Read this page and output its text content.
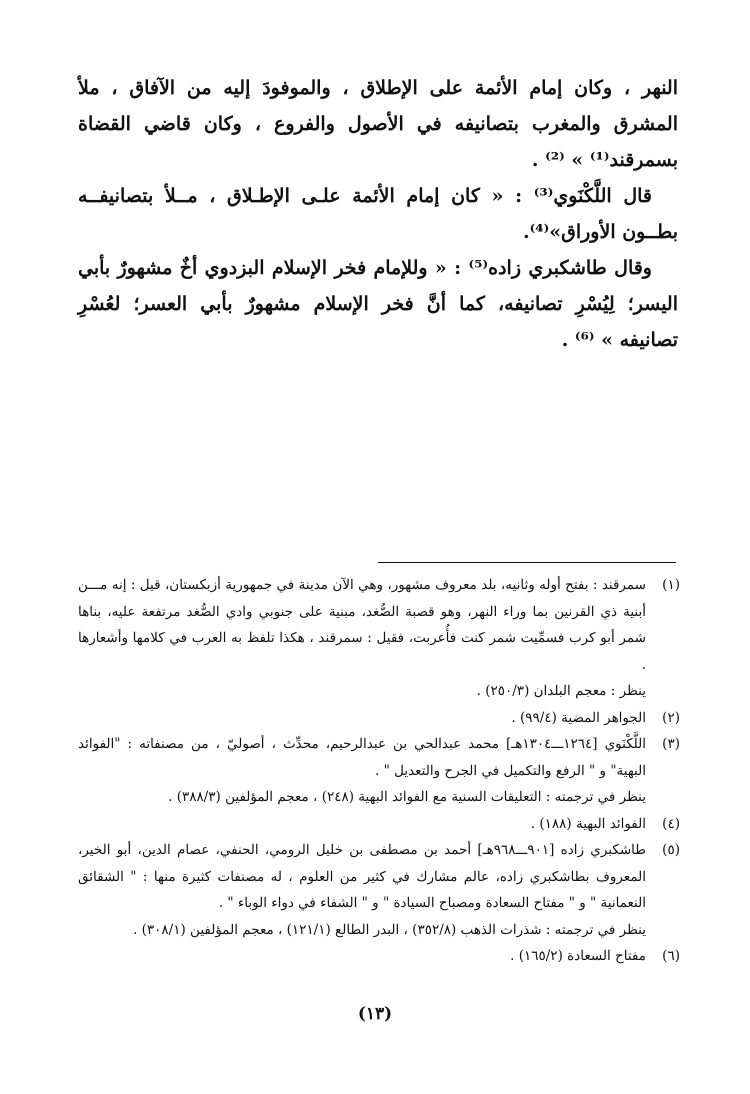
النهر ، وكان إمام الأئمة على الإطلاق ، والموفودَ إليه من الآفاق ، ملأ المشرق والمغرب بتصانيفه في الأصول والفروع ، وكان قاضي القضاة بسمرقند⁽¹⁾ » ⁽²⁾ .

قال اللَّكْنَوي⁽³⁾ : « كان إمام الأئمة علـى الإطـلاق ، مــلأ بتصانيفــه بطــون الأوراق»⁽⁴⁾.

وقال طاشكبري زاده⁽⁵⁾ : « وللإمام فخر الإسلام البزدوي أخٌ مشهورٌ بأبي اليسر؛ لِيُسْرِ تصانيفه، كما أنَّ فخر الإسلام مشهورٌ بأبي العسر؛ لعُسْرِ تصانيفه » ⁽⁶⁾ .

(١)

سمرقند : بفتح أوله وثانيه، بلد معروف مشهور، وهي الآن مدينة في جمهورية أزبكستان، قيل : إنه مـــن أبنية ذي القرنين بما وراء النهر، وهو قصبة الصُّغد، مبنية على جنوبي وادي الصُّغد مرتفعة عليه، بناها شمر أبو كرب فسمِّيت شمر كنت فأُعربت، فقيل : سمرقند ، هكذا تلفظ به العرب في كلامها وأشعارها .

ينظر : معجم البلدان (٢٥٠/٣) .

(٢)

الجواهر المضية (٩٩/٤) .

(٣)

اللَّكْنَوي [١٢٦٤ـــ١٣٠٤هـ] محمد عبدالحي بن عبدالرحيم، محدِّث ، أصوليّ ، من مصنفاته : "الفوائد البهية" و " الرفع والتكميل في الجرح والتعديل " .

ينظر في ترجمته : التعليقات السنية مع الفوائد البهية (٢٤٨) ، معجم المؤلفين (٣٨٨/٣) .

(٤)

الفوائد البهية (١٨٨) .

(٥)

طاشكبري زاده [٩٠١ـــ٩٦٨هـ] أحمد بن مصطفى بن خليل الرومي، الحنفي، عصام الدين، أبو الخير، المعروف بطاشكبري زاده، عالم مشارك في كثير من العلوم ، له مصنفات كثيرة منها : " الشقائق النعمانية " و " مفتاح السعادة ومصباح السيادة " و " الشفاء في دواء الوباء " .

ينظر في ترجمته : شذرات الذهب (٣٥٢/٨) ، البدر الطالع (١٢١/١) ، معجم المؤلفين (٣٠٨/١) .

(٦)

مفتاح السعادة (١٦٥/٢) .

(١٣)
